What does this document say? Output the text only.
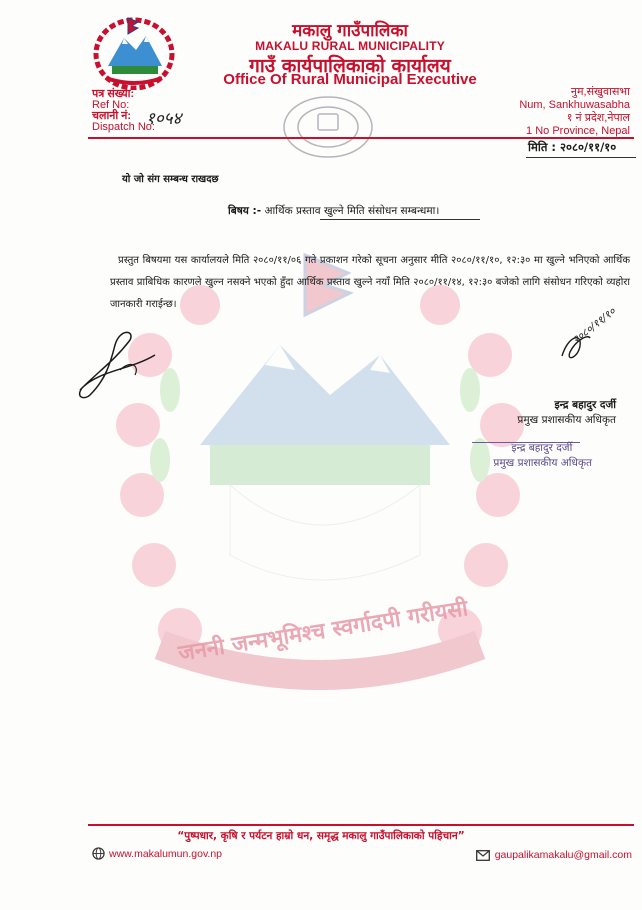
मकालु गाउँपालिका
MAKALU RURAL MUNICIPALITY
गाउँ कार्यपालिकाको कार्यालय
Office Of Rural Municipal Executive
पत्र संख्या:
Ref No:
चलानी नं: १०५४
Dispatch No:
नुम,संखुवासभा
Num, Sankhuwasabha
१ नं प्रदेश,नेपाल
1 No Province, Nepal
मिति : २०८०/११/१०
जननी जन्मभूमिश्च स्वर्गादपी गरीयसी
यो जो संग सम्बन्ध राखदछ
बिषय :- आर्थिक प्रस्ताव खुल्ने मिति संसोधन सम्बन्धमा।
प्रस्तुत बिषयमा यस कार्यालयले मिति २०८०/११/०६ गते प्रकाशन गरेको सूचना अनुसार मीति २०८०/११/१०, १२:३० मा खुल्ने भनिएको आर्थिक प्रस्ताव प्राबिधिक कारणले खुल्न नसक्ने भएको हुँदा आर्थिक प्रस्ताव खुल्ने नयाँ मिति २०८०/११/१४, १२:३० बजेको लागि संसोधन गरिएको व्यहोरा जानकारी गराईन्छ।
२०८०/११/१०
इन्द्र बहादुर दर्जी
प्रमुख प्रशासकीय अधिकृत
इन्द्र बहादुर दर्जी
प्रमुख प्रशासकीय अधिकृत
“पुष्पधार, कृषि र पर्यटन हाम्रो धन, समृद्ध मकालु गाउँपालिकाको पहिचान”
www.makalumun.gov.np	gaupalikamakalu@gmail.com
